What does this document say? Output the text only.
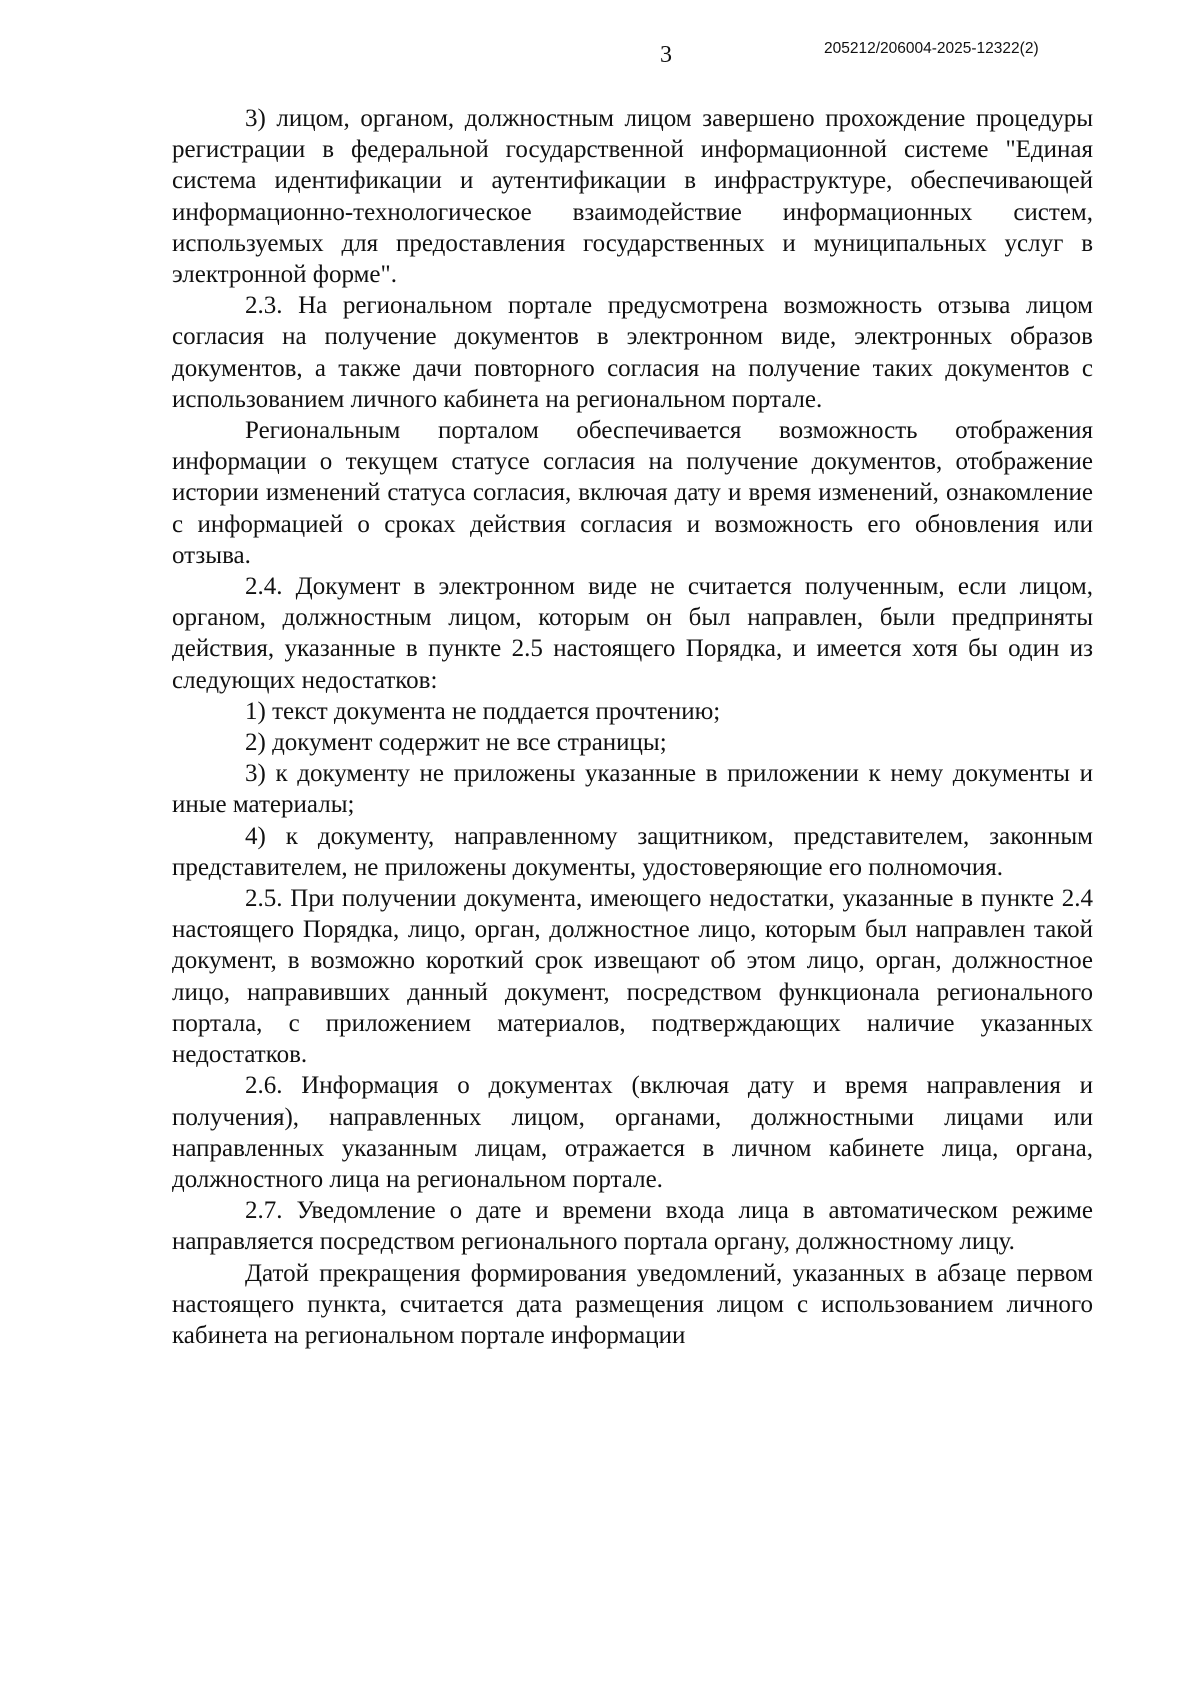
3	205212/206004-2025-12322(2)

3) лицом, органом, должностным лицом завершено прохождение процедуры регистрации в федеральной государственной информационной системе "Единая система идентификации и аутентификации в инфраструктуре, обеспечивающей информационно-технологическое взаимодействие информационных систем, используемых для предоставления государственных и муниципальных услуг в электронной форме".

2.3. На региональном портале предусмотрена возможность отзыва лицом согласия на получение документов в электронном виде, электронных образов документов, а также дачи повторного согласия на получение таких документов с использованием личного кабинета на региональном портале.

Региональным порталом обеспечивается возможность отображения информации о текущем статусе согласия на получение документов, отображение истории изменений статуса согласия, включая дату и время изменений, ознакомление с информацией о сроках действия согласия и возможность его обновления или отзыва.

2.4. Документ в электронном виде не считается полученным, если лицом, органом, должностным лицом, которым он был направлен, были предприняты действия, указанные в пункте 2.5 настоящего Порядка, и имеется хотя бы один из следующих недостатков:

1) текст документа не поддается прочтению;

2) документ содержит не все страницы;

3) к документу не приложены указанные в приложении к нему документы и иные материалы;

4) к документу, направленному защитником, представителем, законным представителем, не приложены документы, удостоверяющие его полномочия.

2.5. При получении документа, имеющего недостатки, указанные в пункте 2.4 настоящего Порядка, лицо, орган, должностное лицо, которым был направлен такой документ, в возможно короткий срок извещают об этом лицо, орган, должностное лицо, направивших данный документ, посредством функционала регионального портала, с приложением материалов, подтверждающих наличие указанных недостатков.

2.6. Информация о документах (включая дату и время направления и получения), направленных лицом, органами, должностными лицами или направленных указанным лицам, отражается в личном кабинете лица, органа, должностного лица на региональном портале.

2.7. Уведомление о дате и времени входа лица в автоматическом режиме направляется посредством регионального портала органу, должностному лицу.

Датой прекращения формирования уведомлений, указанных в абзаце первом настоящего пункта, считается дата размещения лицом с использованием личного кабинета на региональном портале информации
